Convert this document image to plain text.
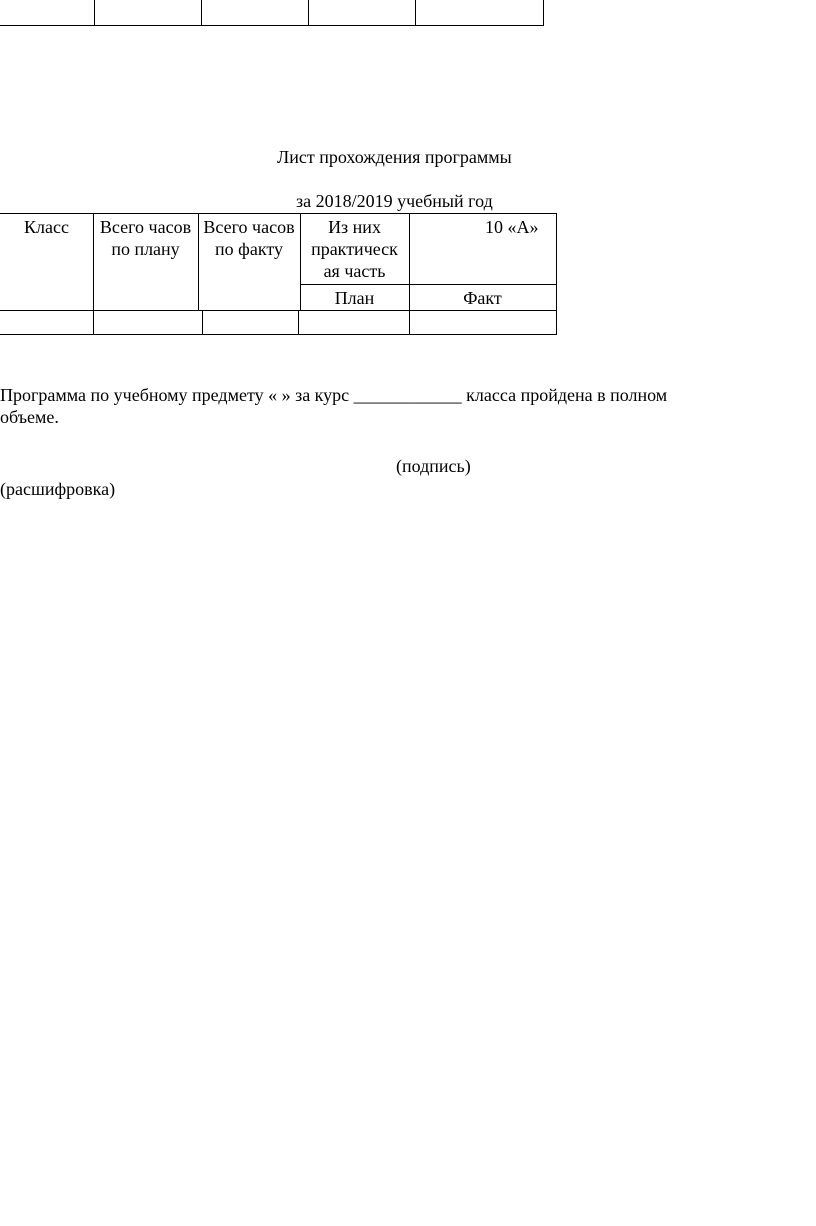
Лист прохождения программы
за 2018/2019 учебный год
Класс	Всего часов
по плану
Всего часов
по факту
Из них
практическ
ая часть
10 «А»
План	Факт
Программа по учебному предмету « » за курс ____________ класса пройдена в полном
объеме.
(подпись)
(расшифровка)
